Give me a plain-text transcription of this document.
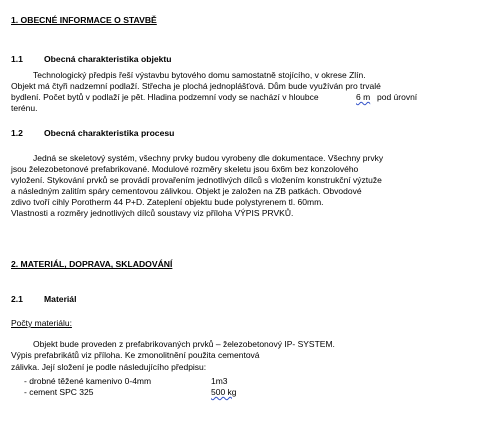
1. OBECNÉ INFORMACE O STAVBĚ
1.1 Obecná charakteristika objektu
Technologický předpis řeší výstavbu bytového domu samostatně stojícího, v okrese Zlín.
Objekt má čtyři nadzemní podlaží. Střecha je plochá jednoplášťová. Dům bude využíván pro trvalé
bydlení. Počet bytů v podlaží je pět. Hladina podzemní vody se nachází v hloubce	6 m pod úrovní
terénu.
1.2 Obecná charakteristika procesu
Jedná se skeletový systém, všechny prvky budou vyrobeny dle dokumentace. Všechny prvky
jsou železobetonové prefabrikované. Modulové rozměry skeletu jsou 6x6m bez konzolového
vyložení. Stykování prvků se provádí provařením jednotlivých dílců s vložením konstrukční výztuže
a následným zalitím spáry cementovou zálivkou. Objekt je založen na ZB patkách. Obvodové
zdivo tvoří cihly Porotherm 44 P+D. Zateplení objektu bude polystyrenem tl. 60mm.
Vlastnosti a rozměry jednotlivých dílců soustavy viz příloha VÝPIS PRVKŮ.
2. MATERIÁL, DOPRAVA, SKLADOVÁNÍ
2.1 Materiál
Počty materiálu:
Objekt bude proveden z prefabrikovaných prvků – železobetonový IP- SYSTEM.
Výpis prefabrikátů viz příloha. Ke zmonolitnění použita cementová
zálivka. Její složení je podle následujícího předpisu:
- drobné těžené kamenivo 0-4mm	1m3
- cement SPC 325	500 kg
